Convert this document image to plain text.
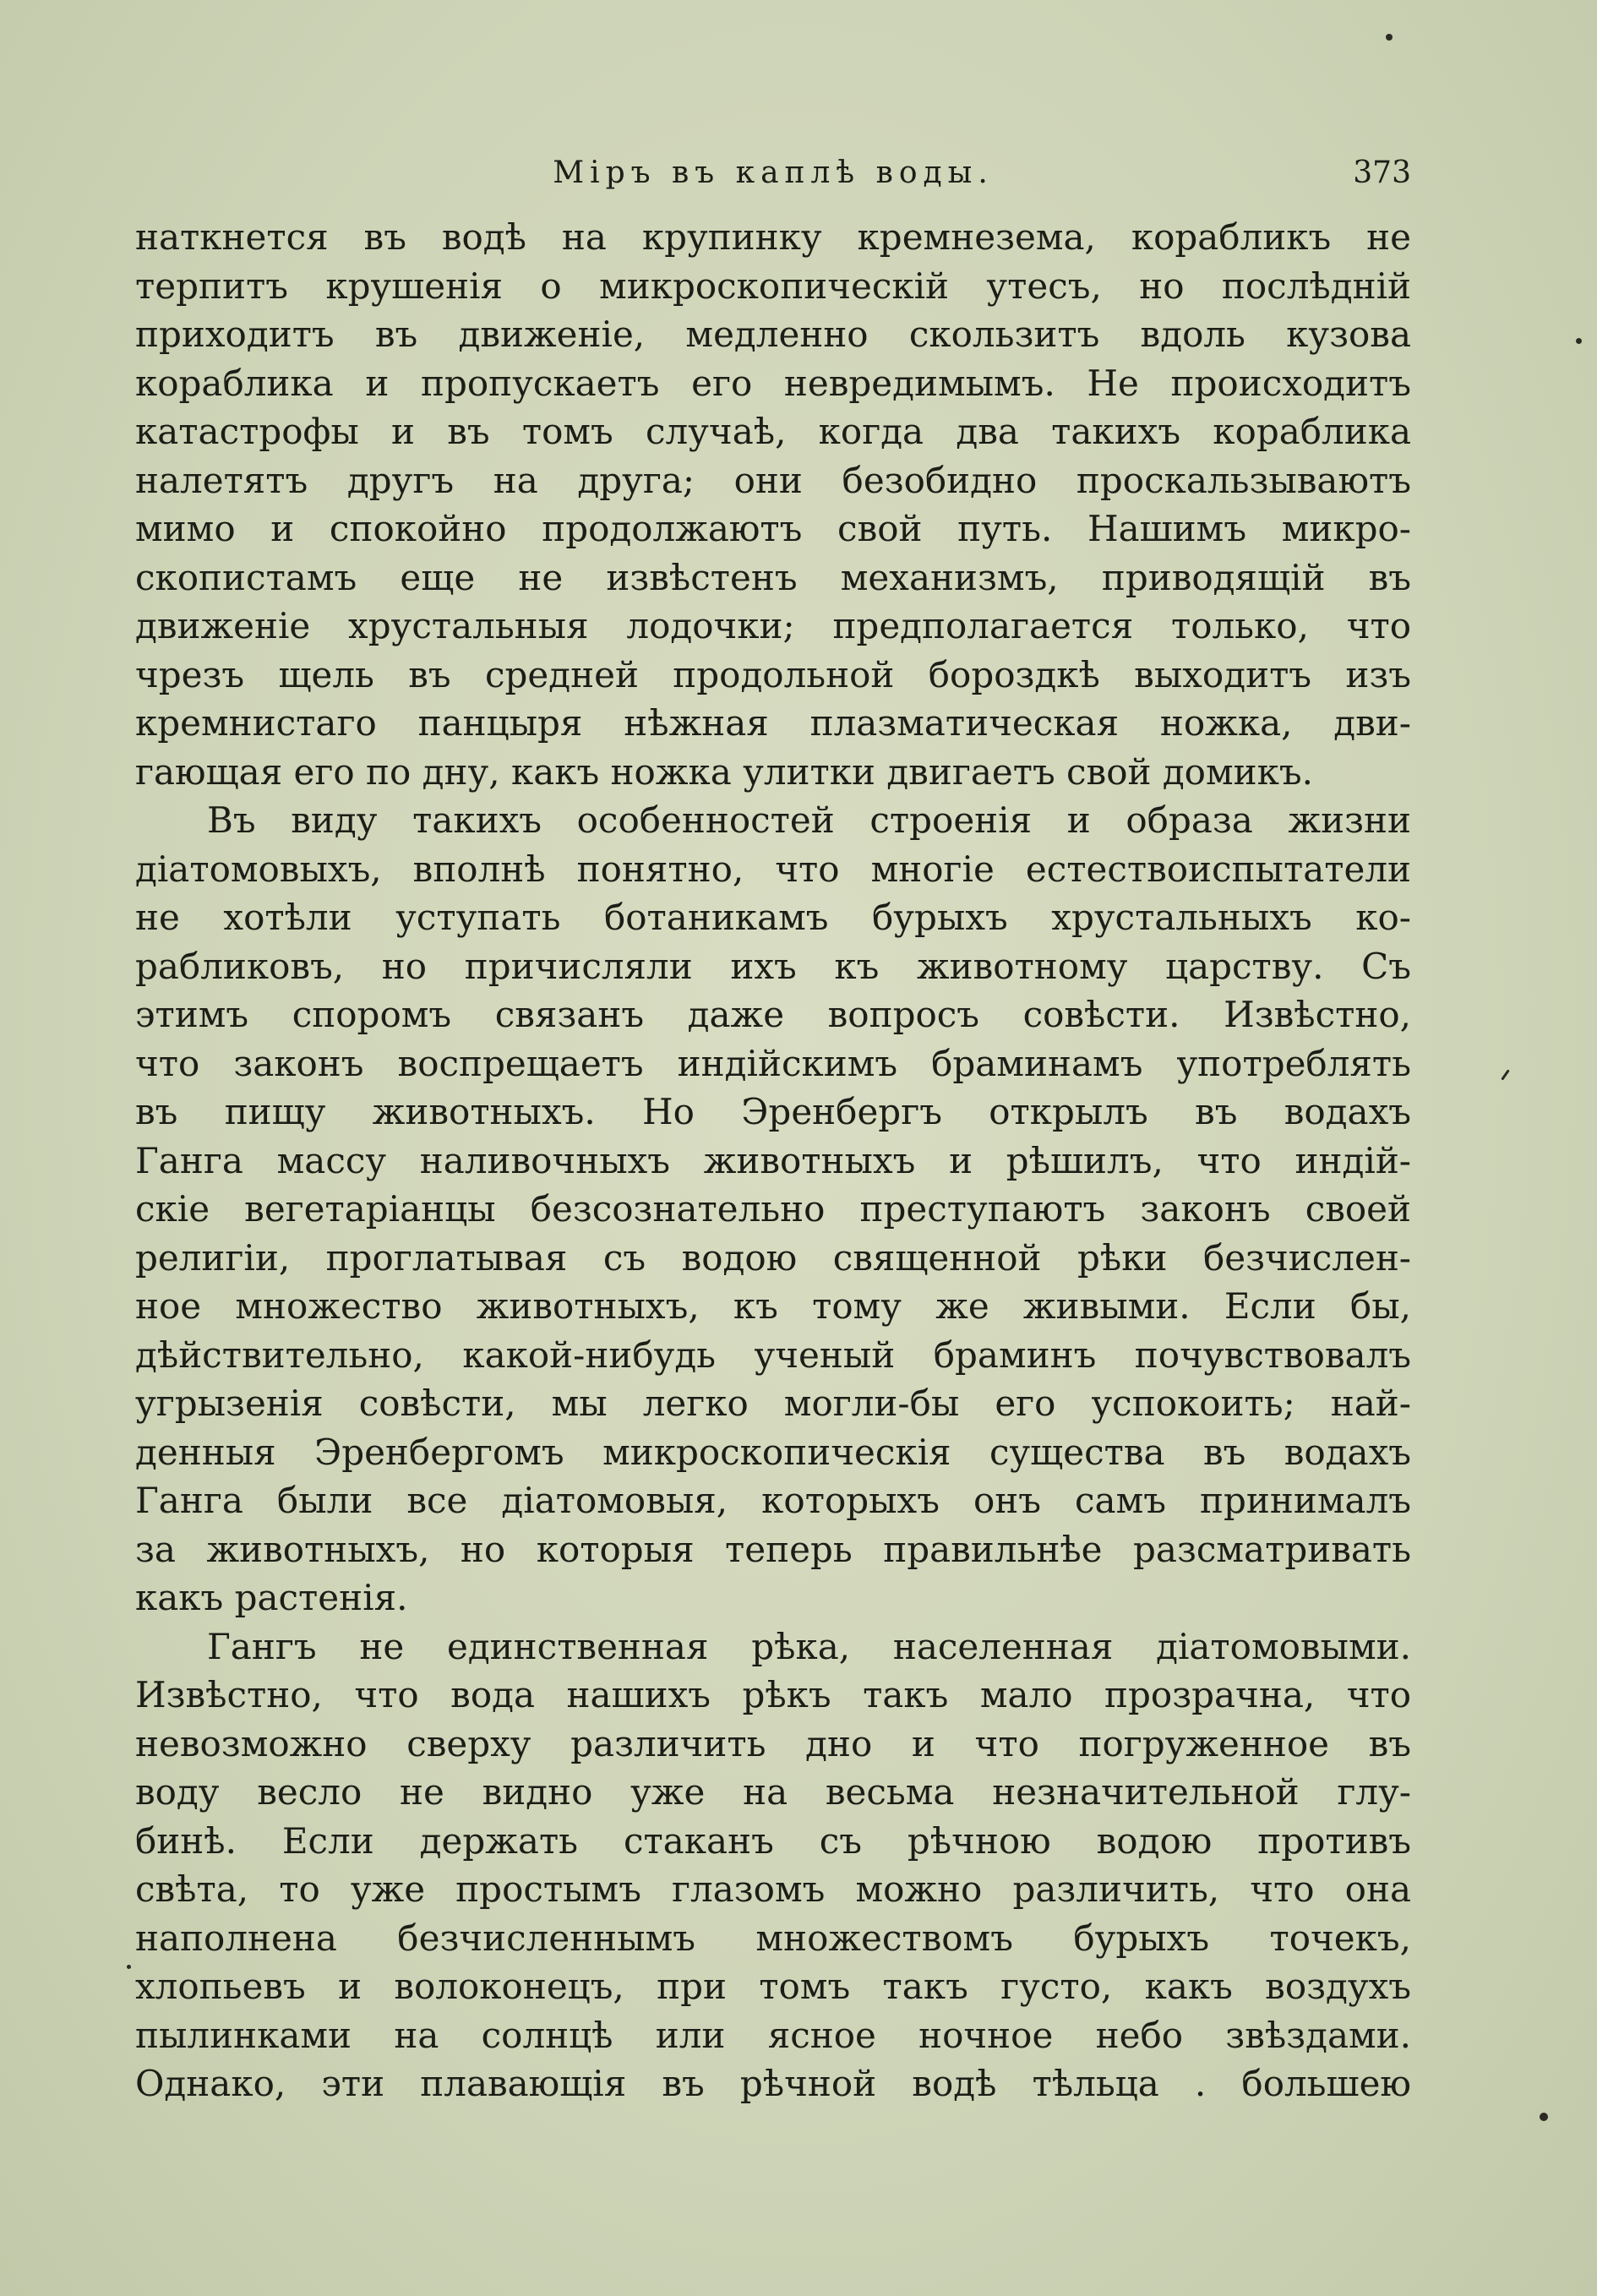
Міръ въ каплѣ воды.	373
наткнется въ водѣ на крупинку кремнезема, корабликъ не
терпитъ крушенія о микроскопическій утесъ, но послѣдній
приходитъ въ движеніе, медленно скользитъ вдоль кузова
кораблика и пропускаетъ его невредимымъ. Не происходитъ
катастрофы и въ томъ случаѣ, когда два такихъ кораблика
налетятъ другъ на друга; они безобидно проскальзываютъ
мимо и спокойно продолжаютъ свой путь. Нашимъ микро-
скопистамъ еще не извѣстенъ механизмъ, приводящій въ
движеніе хрустальныя лодочки; предполагается только, что
чрезъ щель въ средней продольной бороздкѣ выходитъ изъ
кремнистаго панцыря нѣжная плазматическая ножка, дви-
гающая его по дну, какъ ножка улитки двигаетъ свой домикъ.
Въ виду такихъ особенностей строенія и образа жизни
діатомовыхъ, вполнѣ понятно, что многіе естествоиспытатели
не хотѣли уступать ботаникамъ бурыхъ хрустальныхъ ко-
рабликовъ, но причисляли ихъ къ животному царству. Съ
этимъ споромъ связанъ даже вопросъ совѣсти. Извѣстно,
что законъ воспрещаетъ индійскимъ браминамъ употреблять
въ пищу животныхъ. Но Эренбергъ открылъ въ водахъ
Ганга массу наливочныхъ животныхъ и рѣшилъ, что индій-
скіе вегетаріанцы безсознательно преступаютъ законъ своей
религіи, проглатывая съ водою священной рѣки безчислен-
ное множество животныхъ, къ тому же живыми. Если бы,
дѣйствительно, какой-нибудь ученый браминъ почувствовалъ
угрызенія совѣсти, мы легко могли-бы его успокоить; най-
денныя Эренбергомъ микроскопическія существа въ водахъ
Ганга были все діатомовыя, которыхъ онъ самъ принималъ
за животныхъ, но которыя теперь правильнѣе разсматривать
какъ растенія.
Гангъ не единственная рѣка, населенная діатомовыми.
Извѣстно, что вода нашихъ рѣкъ такъ мало прозрачна, что
невозможно сверху различить дно и что погруженное въ
воду весло не видно уже на весьма незначительной глу-
бинѣ. Если держать стаканъ съ рѣчною водою противъ
свѣта, то уже простымъ глазомъ можно различить, что она
наполнена безчисленнымъ множествомъ бурыхъ точекъ,
хлопьевъ и волоконецъ, при томъ такъ густо, какъ воздухъ
пылинками на солнцѣ или ясное ночное небо звѣздами.
Однако, эти плавающія въ рѣчной водѣ тѣльца . большею
